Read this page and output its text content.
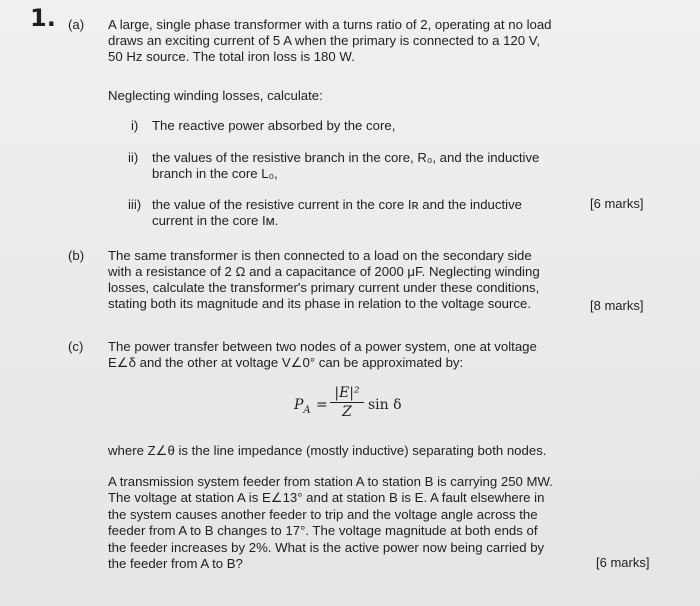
1. (a) A large, single phase transformer with a turns ratio of 2, operating at no load
draws an exciting current of 5 A when the primary is connected to a 120 V,
50 Hz source. The total iron loss is 180 W.
Neglecting winding losses, calculate:
i) The reactive power absorbed by the core,
ii) the values of the resistive branch in the core, R₀, and the inductive
branch in the core L₀,
iii) the value of the resistive current in the core Iʀ and the inductive
current in the core Iᴍ.
[6 marks]
(b) The same transformer is then connected to a load on the secondary side
with a resistance of 2 Ω and a capacitance of 2000 μF. Neglecting winding
losses, calculate the transformer's primary current under these conditions,
stating both its magnitude and its phase in relation to the voltage source.	[8 marks]
(c) The power transfer between two nodes of a power system, one at voltage
E∠δ and the other at voltage V∠0° can be approximated by:
$P_A = \frac{\text{|E|²}}{Z}$ sin δ
where Z∠θ is the line impedance (mostly inductive) separating both nodes.
A transmission system feeder from station A to station B is carrying 250 MW.
The voltage at station A is E∠13° and at station B is E. A fault elsewhere in
the system causes another feeder to trip and the voltage angle across the
feeder from A to B changes to 17°. The voltage magnitude at both ends of
the feeder increases by 2%. What is the active power now being carried by
the feeder from A to B?	[6 marks]
